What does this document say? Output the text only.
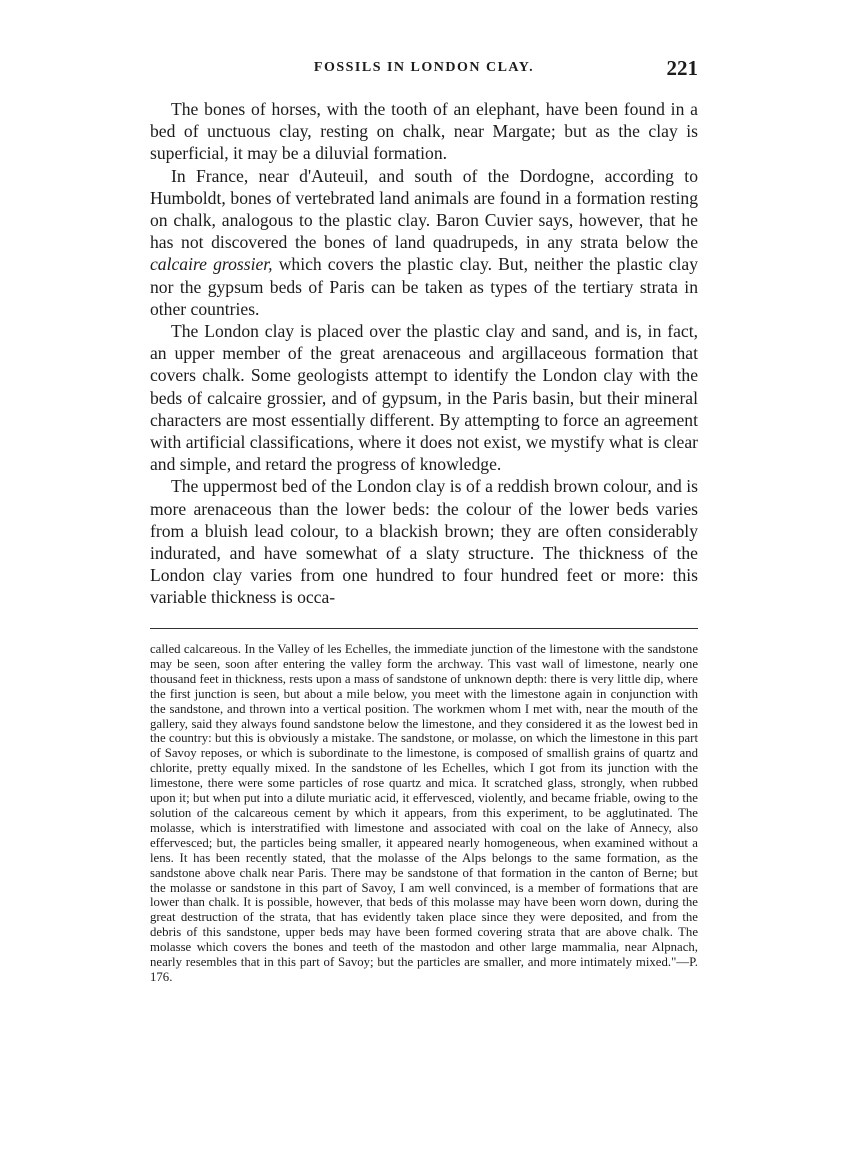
FOSSILS IN LONDON CLAY.	221

The bones of horses, with the tooth of an elephant, have been found in a bed of unctuous clay, resting on chalk, near Margate; but as the clay is superficial, it may be a diluvial formation.

In France, near d'Auteuil, and south of the Dordogne, according to Humboldt, bones of vertebrated land animals are found in a formation resting on chalk, analogous to the plastic clay. Baron Cuvier says, however, that he has not discovered the bones of land quadrupeds, in any strata below the calcaire grossier, which covers the plastic clay. But, neither the plastic clay nor the gypsum beds of Paris can be taken as types of the tertiary strata in other countries.

The London clay is placed over the plastic clay and sand, and is, in fact, an upper member of the great arenaceous and argillaceous formation that covers chalk. Some geologists attempt to identify the London clay with the beds of calcaire grossier, and of gypsum, in the Paris basin, but their mineral characters are most essentially different. By attempting to force an agreement with artificial classifications, where it does not exist, we mystify what is clear and simple, and retard the progress of knowledge.

The uppermost bed of the London clay is of a reddish brown colour, and is more arenaceous than the lower beds: the colour of the lower beds varies from a bluish lead colour, to a blackish brown; they are often considerably indurated, and have somewhat of a slaty structure. The thickness of the London clay varies from one hundred to four hundred feet or more: this variable thickness is occa-

called calcareous. In the Valley of les Echelles, the immediate junction of the limestone with the sandstone may be seen, soon after entering the valley form the archway. This vast wall of limestone, nearly one thousand feet in thickness, rests upon a mass of sandstone of unknown depth: there is very little dip, where the first junction is seen, but about a mile below, you meet with the limestone again in conjunction with the sandstone, and thrown into a vertical position. The workmen whom I met with, near the mouth of the gallery, said they always found sandstone below the limestone, and they considered it as the lowest bed in the country: but this is obviously a mistake. The sandstone, or molasse, on which the limestone in this part of Savoy reposes, or which is subordinate to the limestone, is composed of smallish grains of quartz and chlorite, pretty equally mixed. In the sandstone of les Echelles, which I got from its junction with the limestone, there were some particles of rose quartz and mica. It scratched glass, strongly, when rubbed upon it; but when put into a dilute muriatic acid, it effervesced, violently, and became friable, owing to the solution of the calcareous cement by which it appears, from this experiment, to be agglutinated. The molasse, which is interstratified with limestone and associated with coal on the lake of Annecy, also effervesced; but, the particles being smaller, it appeared nearly homogeneous, when examined without a lens. It has been recently stated, that the molasse of the Alps belongs to the same formation, as the sandstone above chalk near Paris. There may be sandstone of that formation in the canton of Berne; but the molasse or sandstone in this part of Savoy, I am well convinced, is a member of formations that are lower than chalk. It is possible, however, that beds of this molasse may have been worn down, during the great destruction of the strata, that has evidently taken place since they were deposited, and from the debris of this sandstone, upper beds may have been formed covering strata that are above chalk. The molasse which covers the bones and teeth of the mastodon and other large mammalia, near Alpnach, nearly resembles that in this part of Savoy; but the particles are smaller, and more intimately mixed."—P. 176.
